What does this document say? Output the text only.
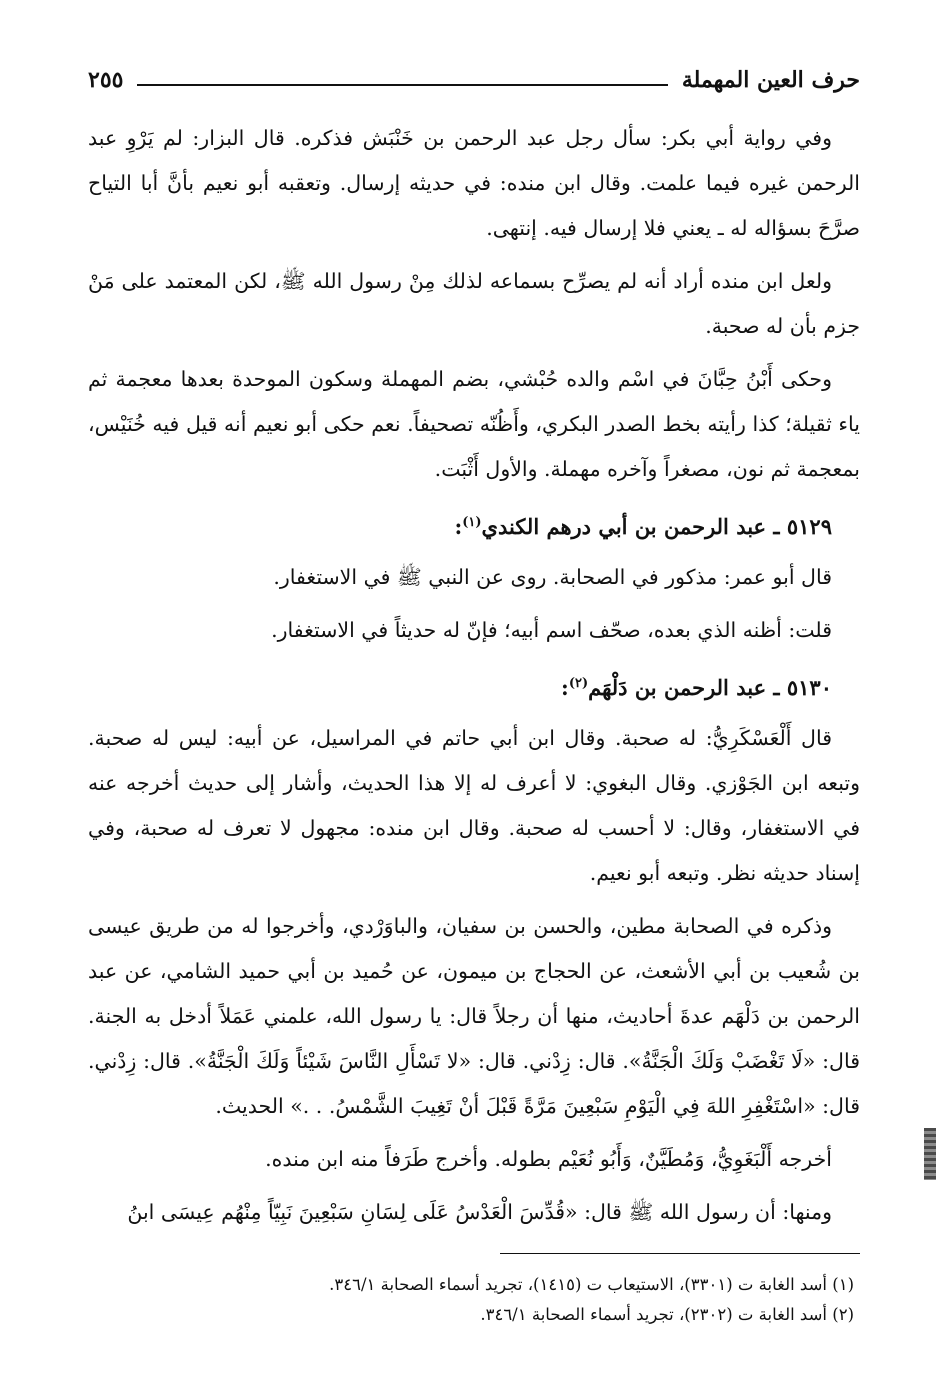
حرف العين المهملة
٢٥٥

وفي رواية أبي بكر: سأل رجل عبد الرحمن بن خَنْبَش فذكره. قال البزار: لم يَرْوِ عبد الرحمن غيره فيما علمت. وقال ابن منده: في حديثه إرسال. وتعقبه أبو نعيم بأنَّ أبا التياح صرَّحَ بسؤاله له ـ يعني فلا إرسال فيه. إنتهى.

ولعل ابن منده أراد أنه لم يصرِّح بسماعه لذلك مِنْ رسول الله ﷺ، لكن المعتمد على مَنْ جزم بأن له صحبة.

وحكى أَبْنُ حِبَّانَ في اسْم والده حُبْشي، بضم المهملة وسكون الموحدة بعدها معجمة ثم ياء ثقيلة؛ كذا رأيته بخط الصدر البكري، وأَظُنّه تصحيفاً. نعم حكى أبو نعيم أنه قيل فيه خُنَيْس، بمعجمة ثم نون، مصغراً وآخره مهملة. والأول أَثْبَت.

٥١٢٩ ـ عبد الرحمن بن أبي درهم الكندي$^{(١)}$:

قال أبو عمر: مذكور في الصحابة. روى عن النبي ﷺ في الاستغفار.

قلت: أظنه الذي بعده، صحّف اسم أبيه؛ فإنّ له حديثاً في الاستغفار.

٥١٣٠ ـ عبد الرحمن بن دَلْهَم$^{(٢)}$:

قال أَلْعَسْكَرِيُّ: له صحبة. وقال ابن أبي حاتم في المراسيل، عن أبيه: ليس له صحبة. وتبعه ابن الجَوْزي. وقال البغوي: لا أعرف له إلا هذا الحديث، وأشار إلى حديث أخرجه عنه في الاستغفار، وقال: لا أحسب له صحبة. وقال ابن منده: مجهول لا تعرف له صحبة، وفي إسناد حديثه نظر. وتبعه أبو نعيم.

وذكره في الصحابة مطين، والحسن بن سفيان، والباوَرْدي، وأخرجوا له من طريق عيسى بن شُعيب بن أبي الأشعث، عن الحجاج بن ميمون، عن حُميد بن أبي حميد الشامي، عن عبد الرحمن بن دَلْهَم عدةَ أحاديث، منها أن رجلاً قال: يا رسول الله، علمني عَمَلاً أدخل به الجنة. قال: «لَا تَغْضَبْ وَلَكَ الْجَنَّةُ». قال: زِدْني. قال: «لا تَسْأَلِ النَّاسَ شَيْئاً وَلَكَ الْجَنَّةُ». قال: زِدْني. قال: «اسْتَغْفِرِ اللهَ فِي الْيَوْمِ سَبْعِينَ مَرَّةً قَبْلَ أنْ تَغِيبَ الشَّمْسُ. . .» الحديث.

أخرجه أَلْبَغَوِيُّ، وَمُطَيَّنٌ، وَأَبُو نُعَيْم بطوله. وأخرج طَرَفاً منه ابن منده.

ومنها: أن رسول الله ﷺ قال: «قُدِّسَ الْعَدْسُ عَلَى لِسَانِ سَبْعِينَ نَبِيّاً مِنْهُم عِيسَى ابنُ

(١) أسد الغابة ت (٣٣٠١)، الاستيعاب ت (١٤١٥)، تجريد أسماء الصحابة ٣٤٦/١.

(٢) أسد الغابة ت (٢٣٠٢)، تجريد أسماء الصحابة ٣٤٦/١.
